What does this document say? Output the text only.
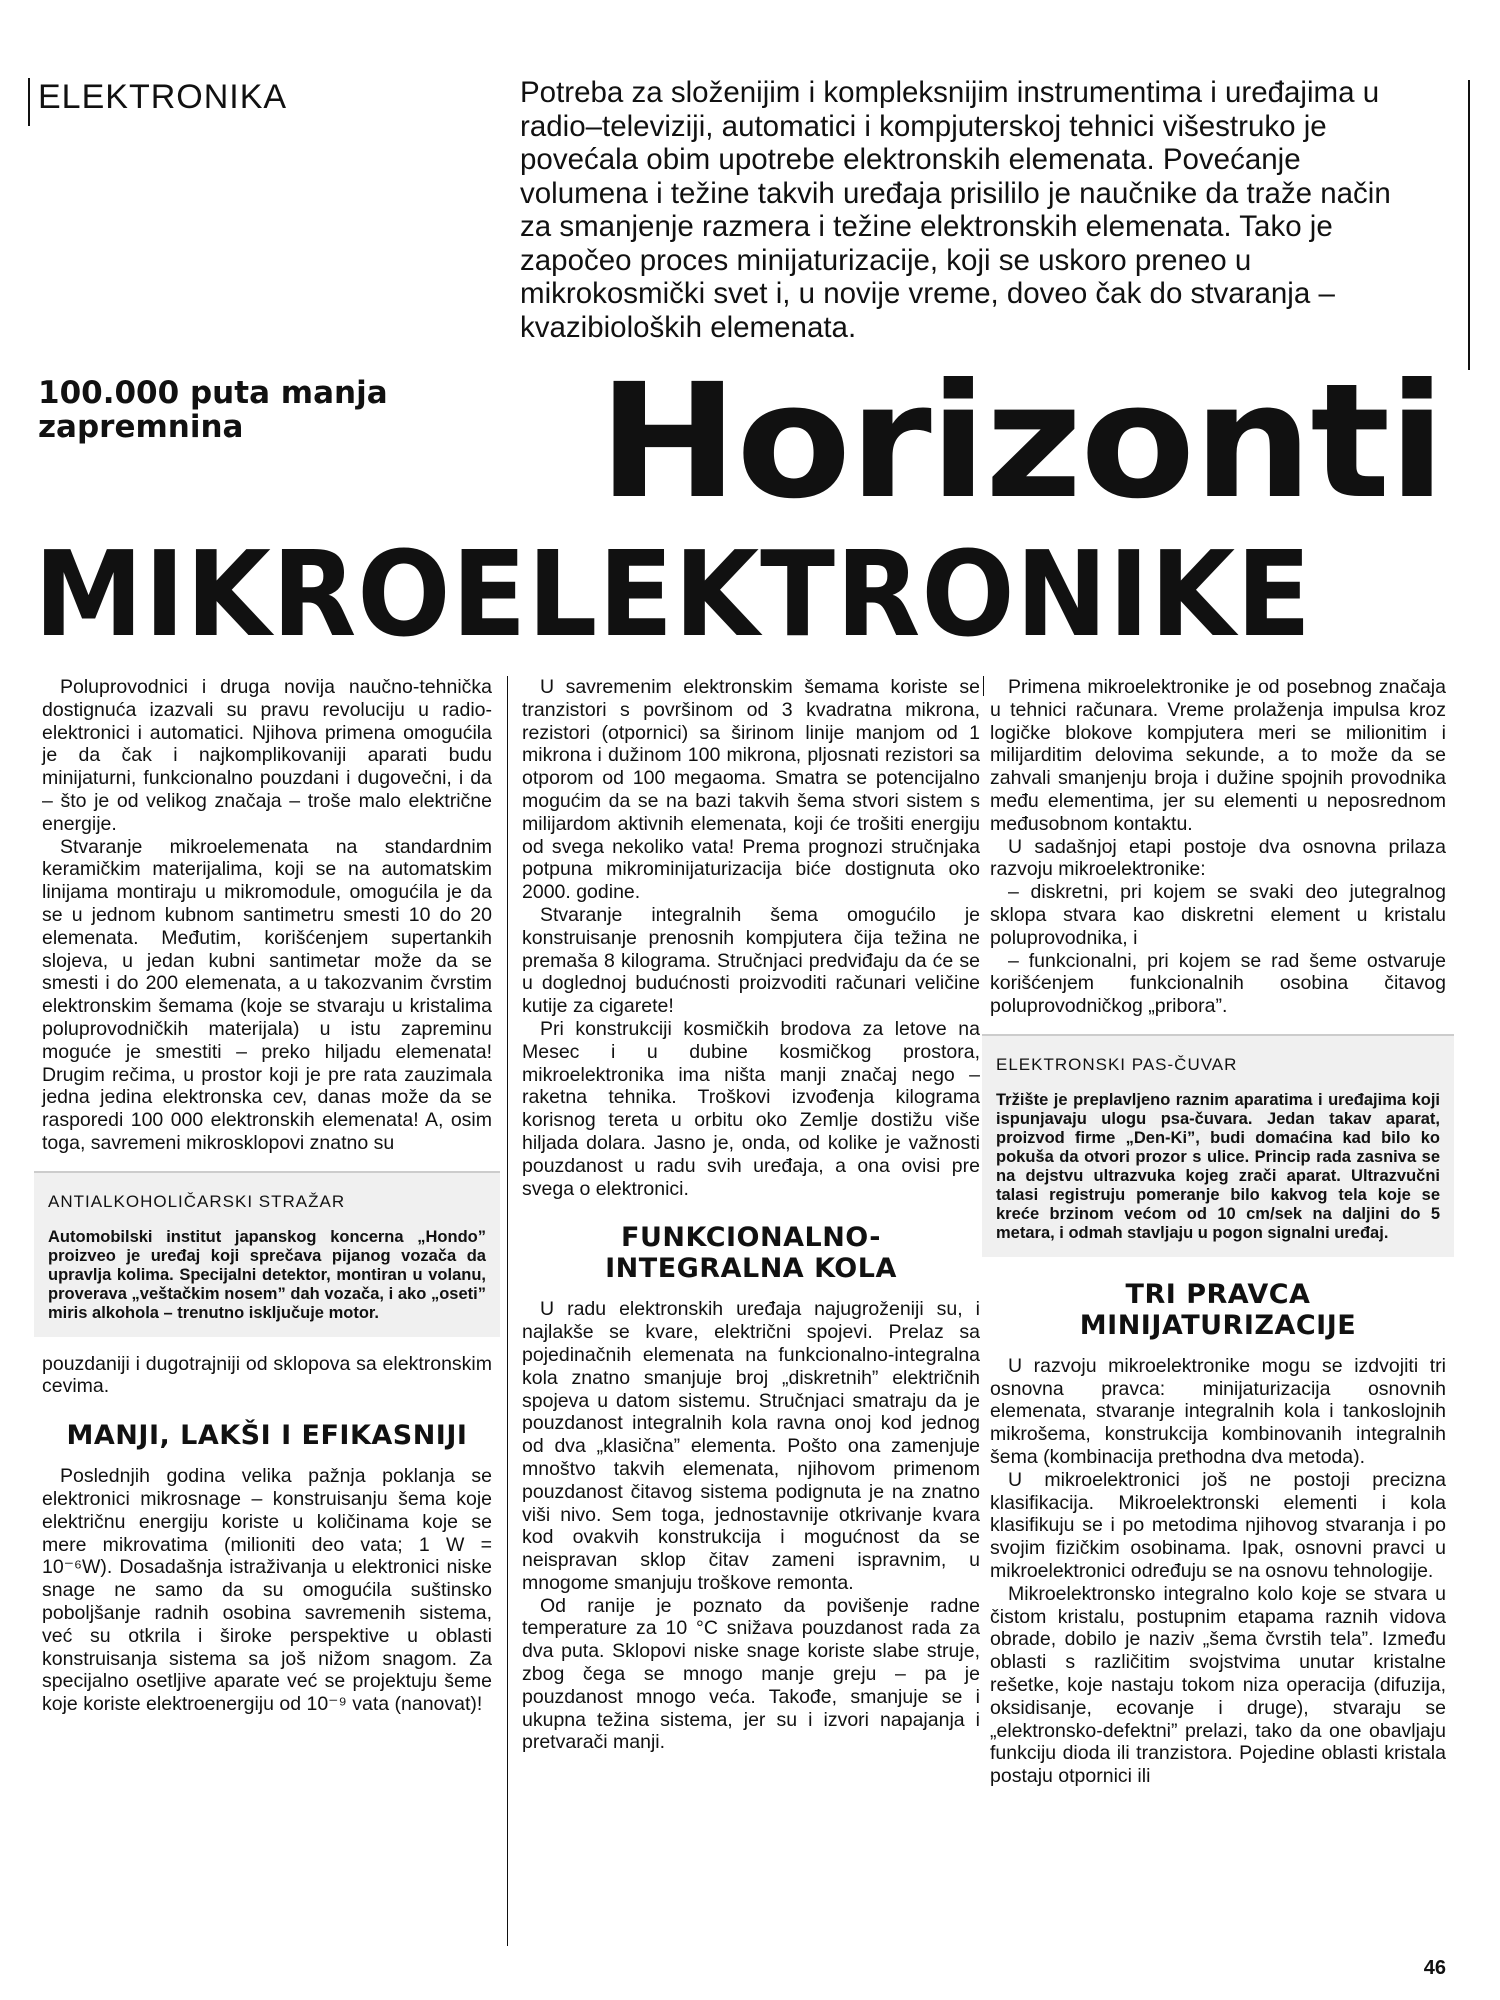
ELEKTRONIKA	Potreba za složenijim i kompleksnijim instrumentima i uređajima u radio–televiziji, automatici i kompjuterskoj tehnici višestruko je povećala obim upotrebe elektronskih elemenata. Povećanje volumena i težine takvih uređaja prisililo je naučnike da traže način za smanjenje razmera i težine elektronskih elemenata. Tako je započeo proces minijaturizacije, koji se uskoro preneo u mikrokosmički svet i, u novije vreme, doveo čak do stvaranja – kvazibioloških elemenata.

100.000 puta manja zapremnina	Horizonti
MIKROELEKTRONIKE

Poluprovodnici i druga novija naučno-tehnička dostignuća izazvali su pravu revoluciju u radio-elektronici i automatici. Njihova primena omogućila je da čak i najkomplikovaniji aparati budu minijaturni, funkcionalno pouzdani i dugovečni, i da – što je od velikog značaja – troše malo električne energije.

Stvaranje mikroelemenata na standardnim keramičkim materijalima, koji se na automatskim linijama montiraju u mikromodule, omogućila je da se u jednom kubnom santimetru smesti 10 do 20 elemenata. Međutim, korišćenjem supertankih slojeva, u jedan kubni santimetar može da se smesti i do 200 elemenata, a u takozvanim čvrstim elektronskim šemama (koje se stvaraju u kristalima poluprovodničkih materijala) u istu zapreminu moguće je smestiti – preko hiljadu elemenata! Drugim rečima, u prostor koji je pre rata zauzimala jedna jedina elektronska cev, danas može da se rasporedi 100 000 elektronskih elemenata! A, osim toga, savremeni mikrosklopovi znatno su

ANTIALKOHOLIČARSKI STRAŽAR
Automobilski institut japanskog koncerna „Hondo” proizveo je uređaj koji sprečava pijanog vozača da upravlja kolima. Specijalni detektor, montiran u volanu, proverava „veštačkim nosem” dah vozača, i ako „oseti” miris alkohola – trenutno isključuje motor.

pouzdaniji i dugotrajniji od sklopova sa elektronskim cevima.

MANJI, LAKŠI I EFIKASNIJI

Poslednjih godina velika pažnja poklanja se elektronici mikrosnage – konstruisanju šema koje električnu energiju koriste u količinama koje se mere mikrovatima (milioniti deo vata; 1 W = 10⁻⁶W). Dosadašnja istraživanja u elektronici niske snage ne samo da su omogućila suštinsko poboljšanje radnih osobina savremenih sistema, već su otkrila i široke perspektive u oblasti konstruisanja sistema sa još nižom snagom. Za specijalno osetljive aparate već se projektuju šeme koje koriste elektroenergiju od 10⁻⁹ vata (nanovat)!

U savremenim elektronskim šemama koriste se tranzistori s površinom od 3 kvadratna mikrona, rezistori (otpornici) sa širinom linije manjom od 1 mikrona i dužinom 100 mikrona, pljosnati rezistori sa otporom od 100 megaoma. Smatra se potencijalno mogućim da se na bazi takvih šema stvori sistem s milijardom aktivnih elemenata, koji će trošiti energiju od svega nekoliko vata! Prema prognozi stručnjaka potpuna mikrominijaturizacija biće dostignuta oko 2000. godine.

Stvaranje integralnih šema omogućilo je konstruisanje prenosnih kompjutera čija težina ne premaša 8 kilograma. Stručnjaci predviđaju da će se u doglednoj budućnosti proizvoditi računari veličine kutije za cigarete!

Pri konstrukciji kosmičkih brodova za letove na Mesec i u dubine kosmičkog prostora, mikroelektronika ima ništa manji značaj nego – raketna tehnika. Troškovi izvođenja kilograma korisnog tereta u orbitu oko Zemlje dostižu više hiljada dolara. Jasno je, onda, od kolike je važnosti pouzdanost u radu svih uređaja, a ona ovisi pre svega o elektronici.

FUNKCIONALNO-INTEGRALNA KOLA

U radu elektronskih uređaja najugroženiji su, i najlakše se kvare, električni spojevi. Prelaz sa pojedinačnih elemenata na funkcionalno-integralna kola znatno smanjuje broj „diskretnih” električnih spojeva u datom sistemu. Stručnjaci smatraju da je pouzdanost integralnih kola ravna onoj kod jednog od dva „klasična” elementa. Pošto ona zamenjuje mnoštvo takvih elemenata, njihovom primenom pouzdanost čitavog sistema podignuta je na znatno viši nivo. Sem toga, jednostavnije otkrivanje kvara kod ovakvih konstrukcija i mogućnost da se neispravan sklop čitav zameni ispravnim, u mnogome smanjuju troškove remonta.

Od ranije je poznato da povišenje radne temperature za 10 °C snižava pouzdanost rada za dva puta. Sklopovi niske snage koriste slabe struje, zbog čega se mnogo manje greju – pa je pouzdanost mnogo veća. Takođe, smanjuje se i ukupna težina sistema, jer su i izvori napajanja i pretvarači manji.

Primena mikroelektronike je od posebnog značaja u tehnici računara. Vreme prolaženja impulsa kroz logičke blokove kompjutera meri se milionitim i milijarditim delovima sekunde, a to može da se zahvali smanjenju broja i dužine spojnih provodnika među elementima, jer su elementi u neposrednom međusobnom kontaktu.

U sadašnjoj etapi postoje dva osnovna prilaza razvoju mikroelektronike:

– diskretni, pri kojem se svaki deo jutegralnog sklopa stvara kao diskretni element u kristalu poluprovodnika, i

– funkcionalni, pri kojem se rad šeme ostvaruje korišćenjem funkcionalnih osobina čitavog poluprovodničkog „pribora”.

ELEKTRONSKI PAS-ČUVAR
Tržište je preplavljeno raznim aparatima i uređajima koji ispunjavaju ulogu psa-čuvara. Jedan takav aparat, proizvod firme „Den-Ki”, budi domaćina kad bilo ko pokuša da otvori prozor s ulice. Princip rada zasniva se na dejstvu ultrazvuka kojeg zrači aparat. Ultrazvučni talasi registruju pomeranje bilo kakvog tela koje se kreće brzinom većom od 10 cm/sek na daljini do 5 metara, i odmah stavljaju u pogon signalni uređaj.
TRI PRAVCA MINIJATURIZACIJE

U razvoju mikroelektronike mogu se izdvojiti tri osnovna pravca: minijaturizacija osnovnih elemenata, stvaranje integralnih kola i tankoslojnih mikrošema, konstrukcija kombinovanih integralnih šema (kombinacija prethodna dva metoda).

U mikroelektronici još ne postoji precizna klasifikacija. Mikroelektronski elementi i kola klasifikuju se i po metodima njihovog stvaranja i po svojim fizičkim osobinama. Ipak, osnovni pravci u mikroelektronici određuju se na osnovu tehnologije.

Mikroelektronsko integralno kolo koje se stvara u čistom kristalu, postupnim etapama raznih vidova obrade, dobilo je naziv „šema čvrstih tela”. Između oblasti s različitim svojstvima unutar kristalne rešetke, koje nastaju tokom niza operacija (difuzija, oksidisanje, ecovanje i druge), stvaraju se „elektronsko-defektni” prelazi, tako da one obavljaju funkciju dioda ili tranzistora. Pojedine oblasti kristala postaju otpornici ili

46
